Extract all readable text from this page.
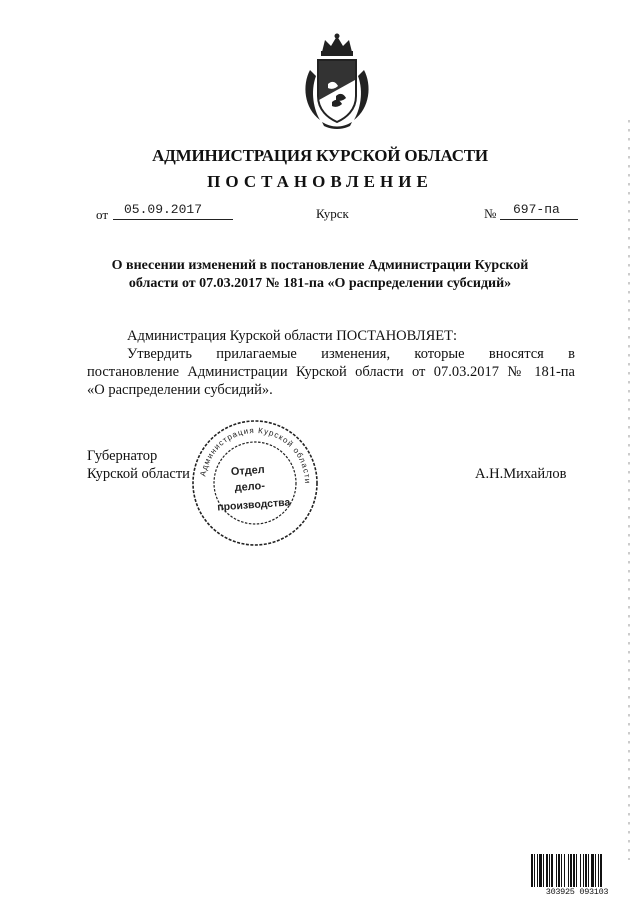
АДМИНИСТРАЦИЯ КУРСКОЙ ОБЛАСТИ
ПОСТАНОВЛЕНИЕ
от 05.09.2017	Курск	№ 697-па
О внесении изменений в постановление Администрации Курской
области от 07.03.2017 № 181-па «О распределении субсидий»
Администрация Курской области ПОСТАНОВЛЯЕТ:
Утвердить прилагаемые изменения, которые вносятся в
постановление Администрации Курской области от 07.03.2017 № 181-па
«О распределении субсидий».
Губернатор
Курской области	А.Н.Михайлов
Администрация Курской области
Отдел
дело-
производства
303925 093103
